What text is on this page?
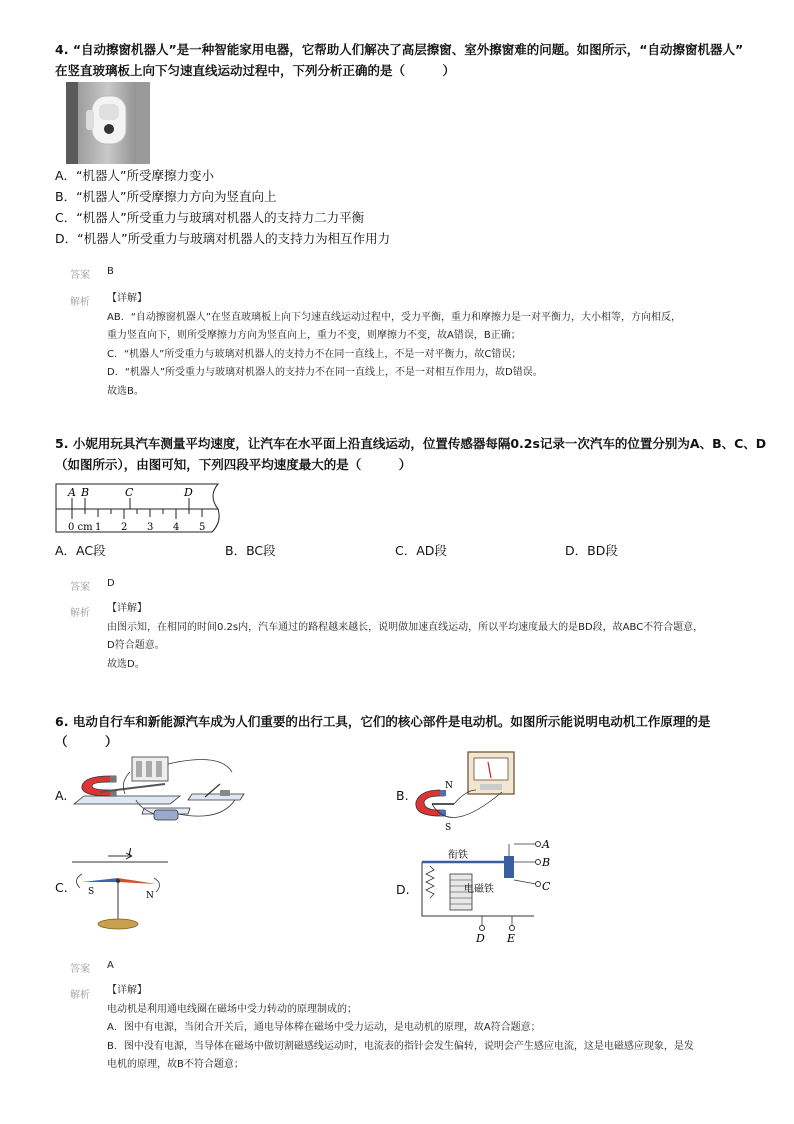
4. “自动擦窗机器人”是一种智能家用电器，它帮助人们解决了高层擦窗、室外擦窗难的问题。如图所示，“自动擦窗机器人”
在竖直玻璃板上向下匀速直线运动过程中，下列分析正确的是（　　　）
A．“机器人”所受摩擦力变小
B．“机器人”所受摩擦力方向为竖直向上
C．“机器人”所受重力与玻璃对机器人的支持力二力平衡
D．“机器人”所受重力与玻璃对机器人的支持力为相互作用力
答案 B
解析 【详解】
AB．“自动擦窗机器人”在竖直玻璃板上向下匀速直线运动过程中，受力平衡，重力和摩擦力是一对平衡力，大小相等，方向相反，
重力竖直向下，则所受摩擦力方向为竖直向上，重力不变，则摩擦力不变，故A错误，B正确；
C．“机器人”所受重力与玻璃对机器人的支持力不在同一直线上，不是一对平衡力，故C错误；
D．“机器人”所受重力与玻璃对机器人的支持力不在同一直线上，不是一对相互作用力，故D错误。
故选B。
5. 小妮用玩具汽车测量平均速度，让汽车在水平面上沿直线运动，位置传感器每隔0.2s记录一次汽车的位置分别为A、B、C、D
（如图所示），由图可知，下列四段平均速度最大的是（　　　）
A B	C	D
0 cm 1 2 3 4 5
A．AC段	B．BC段	C．AD段	D．BD段
答案 D
解析 【详解】
由图示知，在相同的时间0.2s内，汽车通过的路程越来越长，说明做加速直线运动，所以平均速度最大的是BD段，故ABC不符合题意，
D符合题意。
故选D。
6. 电动自行车和新能源汽车成为人们重要的出行工具，它们的核心部件是电动机。如图所示能说明电动机工作原理的是
（　　　）
A.	B.
N
S
C.
I
S	N	D.
衔铁
电磁铁
A
B
C
D E
答案 A
解析 【详解】
电动机是利用通电线圈在磁场中受力转动的原理制成的；
A．图中有电源，当闭合开关后，通电导体棒在磁场中受力运动，是电动机的原理，故A符合题意；
B．图中没有电源，当导体在磁场中做切割磁感线运动时，电流表的指针会发生偏转，说明会产生感应电流，这是电磁感应现象，是发
电机的原理，故B不符合题意；
